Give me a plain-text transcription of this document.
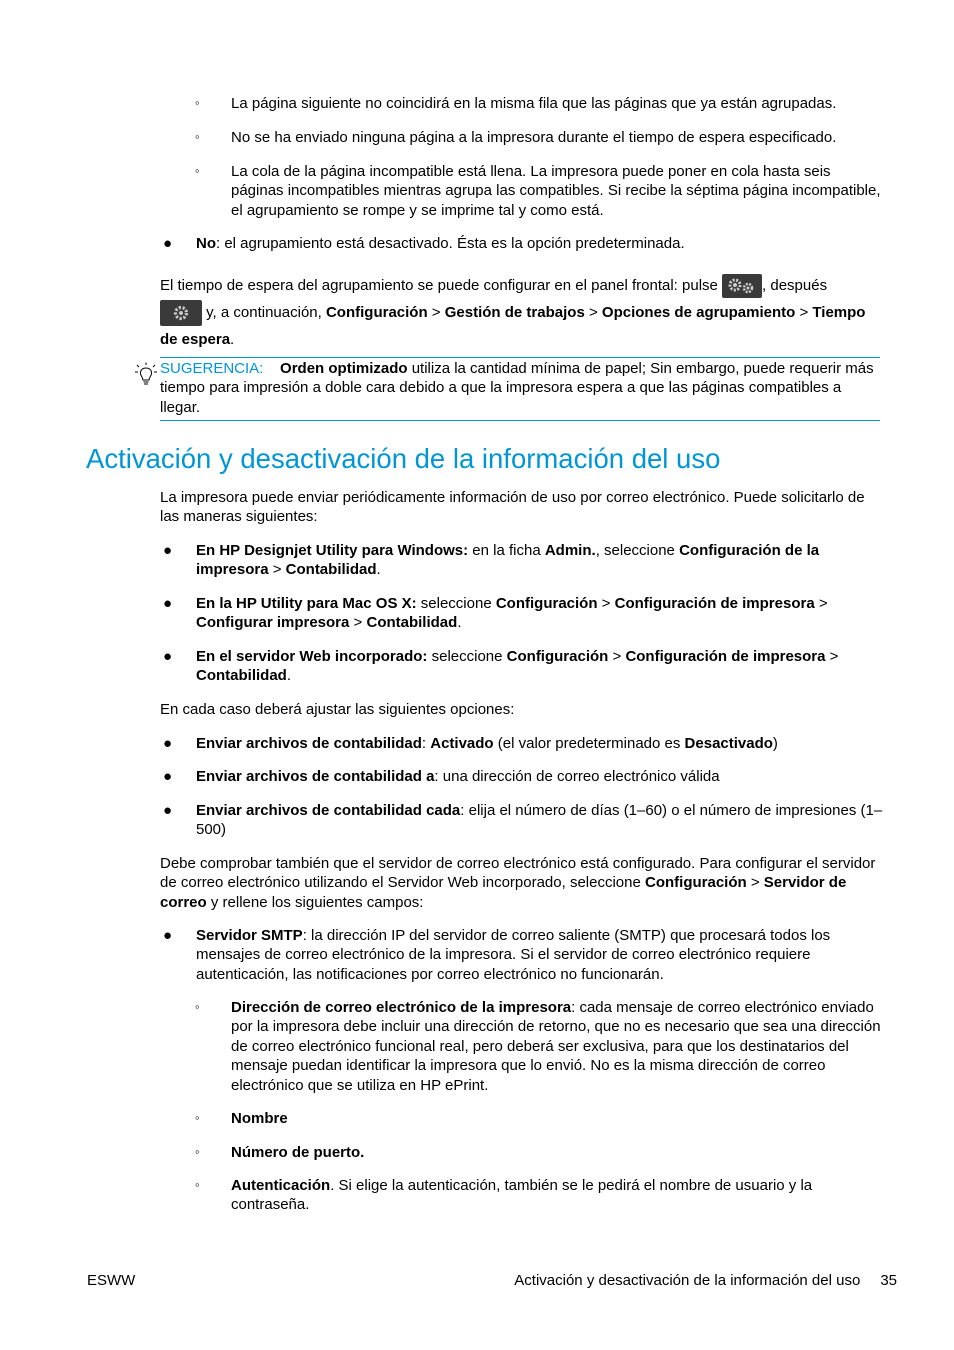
◦ La página siguiente no coincidirá en la misma fila que las páginas que ya están agrupadas.
◦ No se ha enviado ninguna página a la impresora durante el tiempo de espera especificado.
◦ La cola de la página incompatible está llena. La impresora puede poner en cola hasta seis páginas incompatibles mientras agrupa las compatibles. Si recibe la séptima página incompatible, el agrupamiento se rompe y se imprime tal y como está.
● No: el agrupamiento está desactivado. Ésta es la opción predeterminada.
El tiempo de espera del agrupamiento se puede configurar en el panel frontal: pulse	, después
y, a continuación, Configuración > Gestión de trabajos > Opciones de agrupamiento > Tiempo de espera.
SUGERENCIA: Orden optimizado utiliza la cantidad mínima de papel; Sin embargo, puede requerir más tiempo para impresión a doble cara debido a que la impresora espera a que las páginas compatibles a llegar.
Activación y desactivación de la información del uso
La impresora puede enviar periódicamente información de uso por correo electrónico. Puede solicitarlo de las maneras siguientes:
● En HP Designjet Utility para Windows: en la ficha Admin., seleccione Configuración de la impresora > Contabilidad.
● En la HP Utility para Mac OS X: seleccione Configuración > Configuración de impresora > Configurar impresora > Contabilidad.
● En el servidor Web incorporado: seleccione Configuración > Configuración de impresora > Contabilidad.
En cada caso deberá ajustar las siguientes opciones:
● Enviar archivos de contabilidad: Activado (el valor predeterminado es Desactivado)
● Enviar archivos de contabilidad a: una dirección de correo electrónico válida
● Enviar archivos de contabilidad cada: elija el número de días (1–60) o el número de impresiones (1–500)
Debe comprobar también que el servidor de correo electrónico está configurado. Para configurar el servidor de correo electrónico utilizando el Servidor Web incorporado, seleccione Configuración > Servidor de correo y rellene los siguientes campos:
● Servidor SMTP: la dirección IP del servidor de correo saliente (SMTP) que procesará todos los mensajes de correo electrónico de la impresora. Si el servidor de correo electrónico requiere autenticación, las notificaciones por correo electrónico no funcionarán.
◦ Dirección de correo electrónico de la impresora: cada mensaje de correo electrónico enviado por la impresora debe incluir una dirección de retorno, que no es necesario que sea una dirección de correo electrónico funcional real, pero deberá ser exclusiva, para que los destinatarios del mensaje puedan identificar la impresora que lo envió. No es la misma dirección de correo electrónico que se utiliza en HP ePrint.
◦ Nombre
◦ Número de puerto.
◦ Autenticación. Si elige la autenticación, también se le pedirá el nombre de usuario y la contraseña.
ESWW	Activación y desactivación de la información del uso 35
